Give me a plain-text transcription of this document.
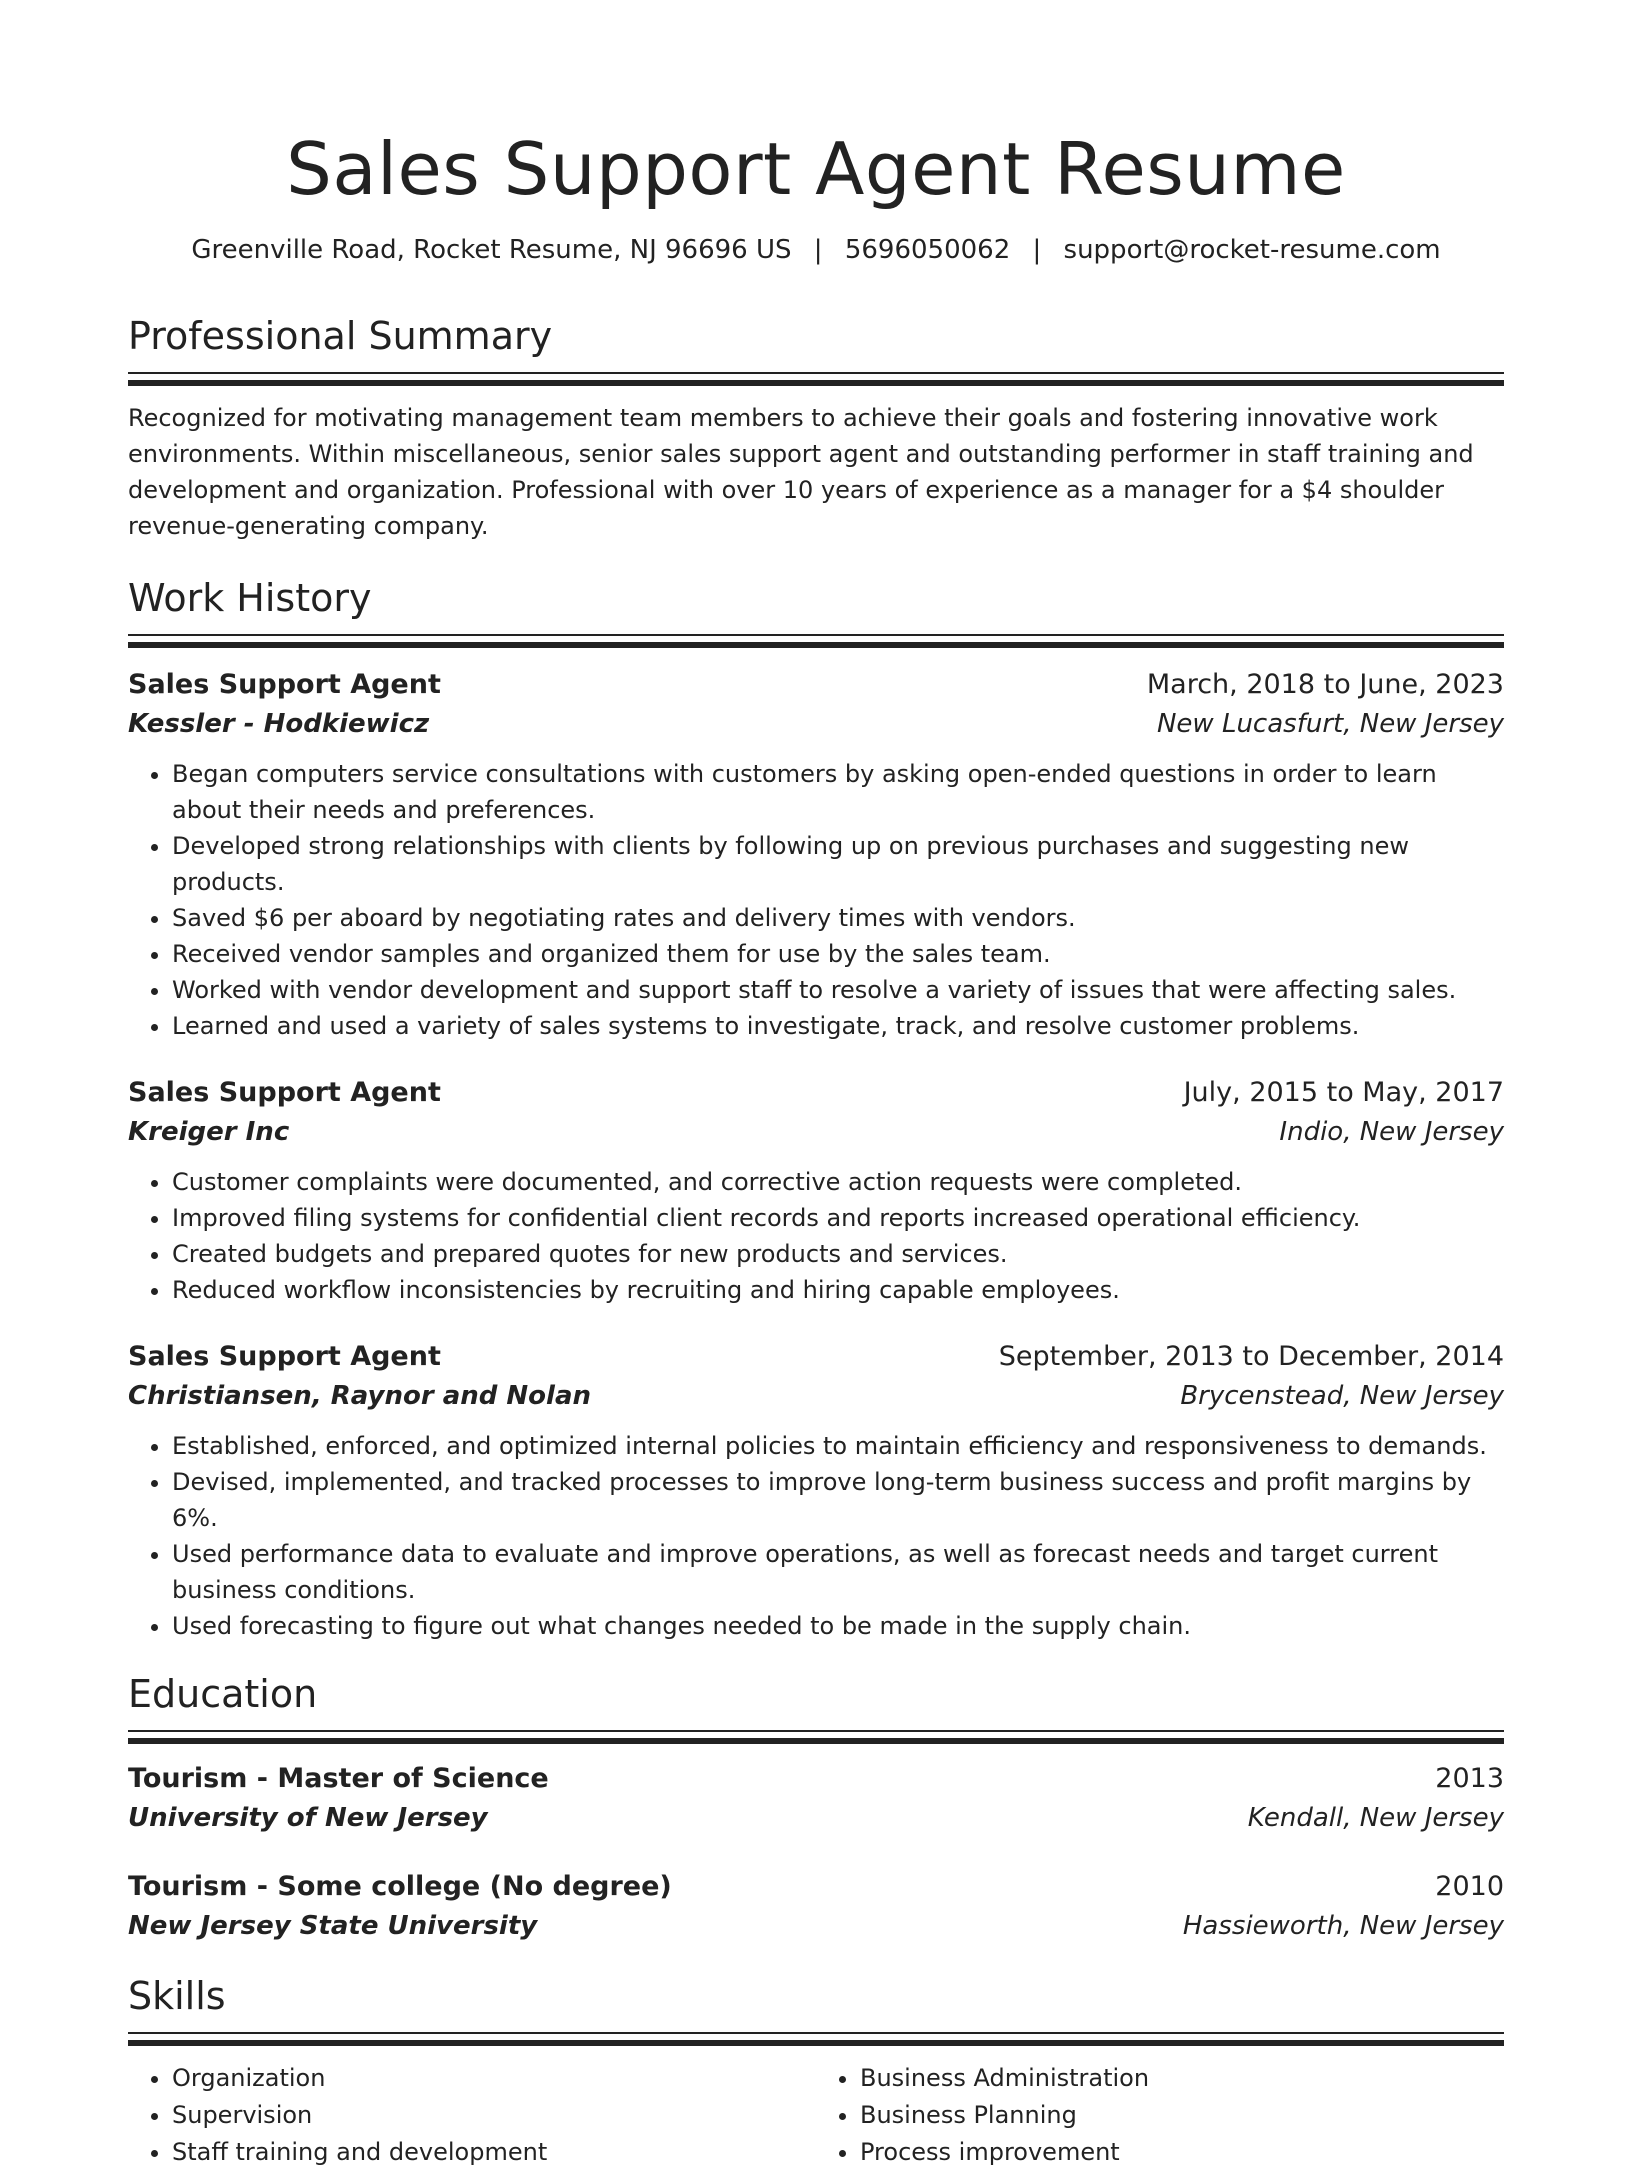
Sales Support Agent Resume
Greenville Road, Rocket Resume, NJ 96696 US | 5696050062 | support@rocket-resume.com
Professional Summary

Recognized for motivating management team members to achieve their goals and fostering innovative work environments. Within miscellaneous, senior sales support agent and outstanding performer in staff training and development and organization. Professional with over 10 years of experience as a manager for a $4 shoulder revenue-generating company.

Work History
Sales Support Agent	March, 2018 to June, 2023
Kessler - Hodkiewicz	New Lucasfurt, New Jersey
• Began computers service consultations with customers by asking open-ended questions in order to learn about their needs and preferences.
• Developed strong relationships with clients by following up on previous purchases and suggesting new products.
• Saved $6 per aboard by negotiating rates and delivery times with vendors.
• Received vendor samples and organized them for use by the sales team.
• Worked with vendor development and support staff to resolve a variety of issues that were affecting sales.
• Learned and used a variety of sales systems to investigate, track, and resolve customer problems.
Sales Support Agent	July, 2015 to May, 2017
Kreiger Inc	Indio, New Jersey
• Customer complaints were documented, and corrective action requests were completed.
• Improved filing systems for confidential client records and reports increased operational efficiency.
• Created budgets and prepared quotes for new products and services.
• Reduced workflow inconsistencies by recruiting and hiring capable employees.
Sales Support Agent	September, 2013 to December, 2014
Christiansen, Raynor and Nolan	Brycenstead, New Jersey
• Established, enforced, and optimized internal policies to maintain efficiency and responsiveness to demands.
• Devised, implemented, and tracked processes to improve long-term business success and profit margins by 6%.
• Used performance data to evaluate and improve operations, as well as forecast needs and target current business conditions.
• Used forecasting to figure out what changes needed to be made in the supply chain.
Education
Tourism - Master of Science	2013
University of New Jersey	Kendall, New Jersey
Tourism - Some college (No degree)	2010
New Jersey State University	Hassieworth, New Jersey
Skills
• Organization
• Supervision
• Staff training and development
• Business Administration
• Business Planning
• Process improvement
